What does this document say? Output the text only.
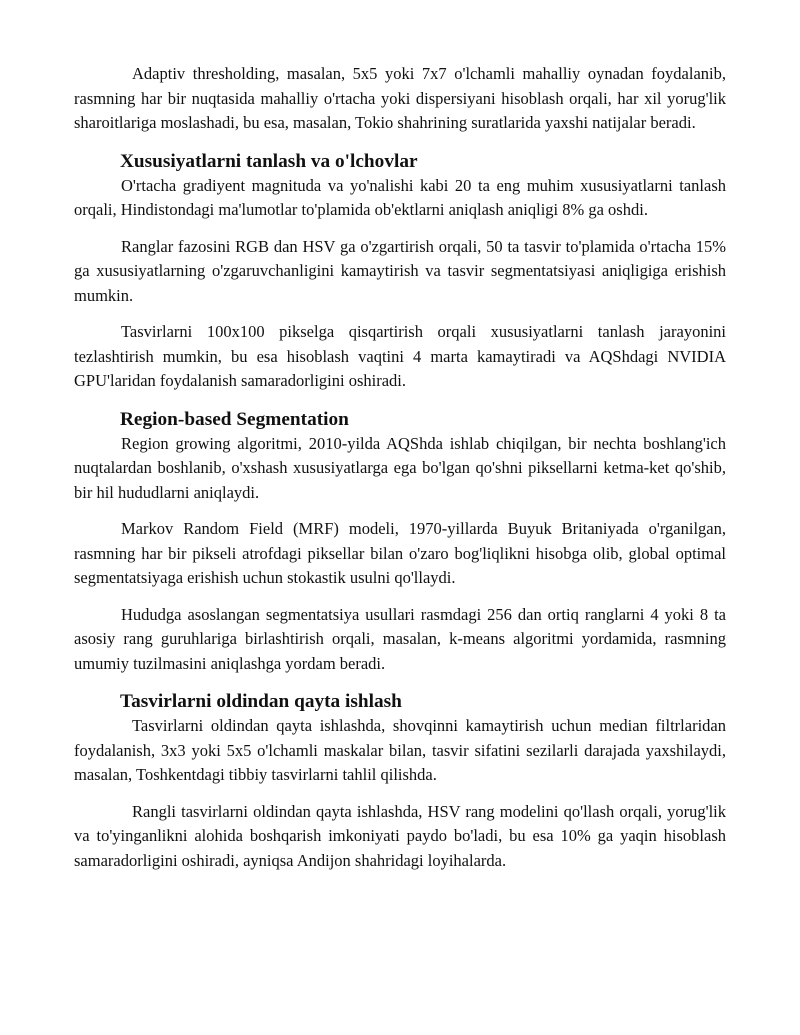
Adaptiv thresholding, masalan, 5x5 yoki 7x7 o'lchamli mahalliy oynadan foydalanib, rasmning har bir nuqtasida mahalliy o'rtacha yoki dispersiyani hisoblash orqali, har xil yorug'lik sharoitlariga moslashadi, bu esa, masalan, Tokio shahrining suratlarida yaxshi natijalar beradi.

Xususiyatlarni tanlash va o'lchovlar

O'rtacha gradiyent magnituda va yo'nalishi kabi 20 ta eng muhim xususiyatlarni tanlash orqali, Hindistondagi ma'lumotlar to'plamida ob'ektlarni aniqlash aniqligi 8% ga oshdi.

Ranglar fazosini RGB dan HSV ga o'zgartirish orqali, 50 ta tasvir to'plamida o'rtacha 15% ga xususiyatlarning o'zgaruvchanligini kamaytirish va tasvir segmentatsiyasi aniqligiga erishish mumkin.

Tasvirlarni 100x100 pikselga qisqartirish orqali xususiyatlarni tanlash jarayonini tezlashtirish mumkin, bu esa hisoblash vaqtini 4 marta kamaytiradi va AQShdagi NVIDIA GPU'laridan foydalanish samaradorligini oshiradi.

Region-based Segmentation

Region growing algoritmi, 2010-yilda AQShda ishlab chiqilgan, bir nechta boshlang'ich nuqtalardan boshlanib, o'xshash xususiyatlarga ega bo'lgan qo'shni piksellarni ketma-ket qo'shib, bir hil hududlarni aniqlaydi.

Markov Random Field (MRF) modeli, 1970-yillarda Buyuk Britaniyada o'rganilgan, rasmning har bir pikseli atrofdagi piksellar bilan o'zaro bog'liqlikni hisobga olib, global optimal segmentatsiyaga erishish uchun stokastik usulni qo'llaydi.

Hududga asoslangan segmentatsiya usullari rasmdagi 256 dan ortiq ranglarni 4 yoki 8 ta asosiy rang guruhlariga birlashtirish orqali, masalan, k-means algoritmi yordamida, rasmning umumiy tuzilmasini aniqlashga yordam beradi.

Tasvirlarni oldindan qayta ishlash

Tasvirlarni oldindan qayta ishlashda, shovqinni kamaytirish uchun median filtrlaridan foydalanish, 3x3 yoki 5x5 o'lchamli maskalar bilan, tasvir sifatini sezilarli darajada yaxshilaydi, masalan, Toshkentdagi tibbiy tasvirlarni tahlil qilishda.

Rangli tasvirlarni oldindan qayta ishlashda, HSV rang modelini qo'llash orqali, yorug'lik va to'yinganlikni alohida boshqarish imkoniyati paydo bo'ladi, bu esa 10% ga yaqin hisoblash samaradorligini oshiradi, ayniqsa Andijon shahridagi loyihalarda.
